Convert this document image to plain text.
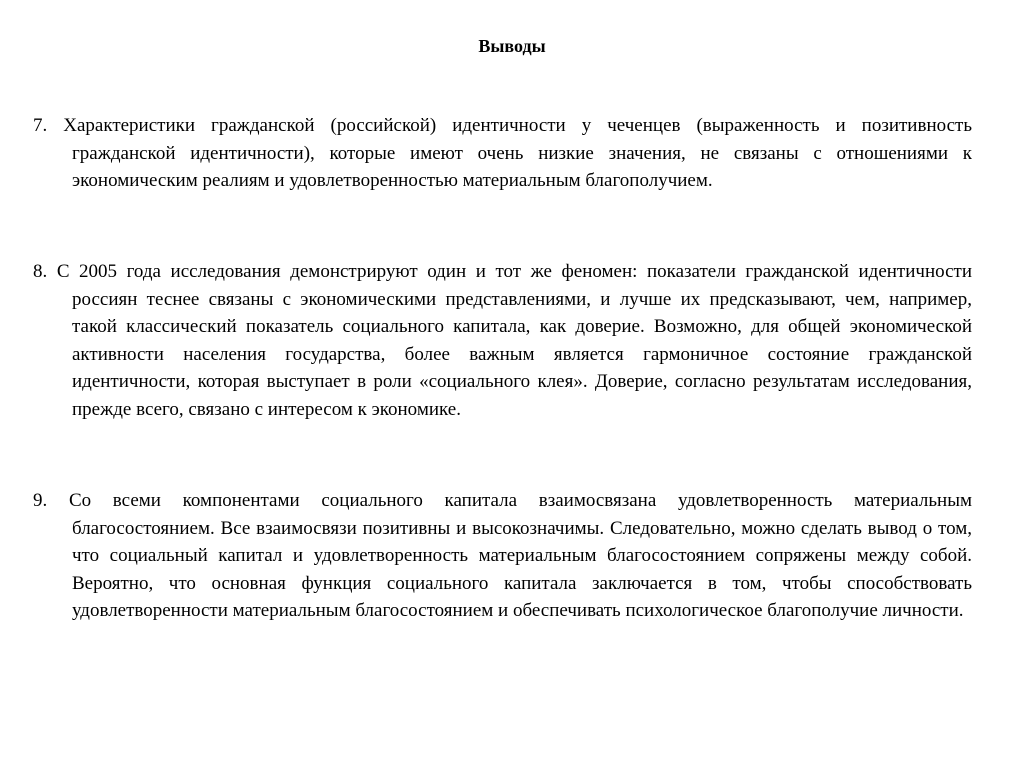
Выводы

7. Характеристики гражданской (российской) идентичности у чеченцев (выраженность и позитивность гражданской идентичности), которые имеют очень низкие значения, не связаны с отношениями к экономическим реалиям и удовлетворенностью материальным благополучием.

8. С 2005 года исследования демонстрируют один и тот же феномен: показатели гражданской идентичности россиян теснее связаны с экономическими представлениями, и лучше их предсказывают, чем, например, такой классический показатель социального капитала, как доверие. Возможно, для общей экономической активности населения государства, более важным является гармоничное состояние гражданской идентичности, которая выступает в роли «социального клея». Доверие, согласно результатам исследования, прежде всего, связано с интересом к экономике.

9. Со всеми компонентами социального капитала взаимосвязана удовлетворенность материальным благосостоянием. Все взаимосвязи позитивны и высокозначимы. Следовательно, можно сделать вывод о том, что социальный капитал и удовлетворенность материальным благосостоянием сопряжены между собой. Вероятно, что основная функция социального капитала заключается в том, чтобы способствовать удовлетворенности материальным благосостоянием и обеспечивать психологическое благополучие личности.
